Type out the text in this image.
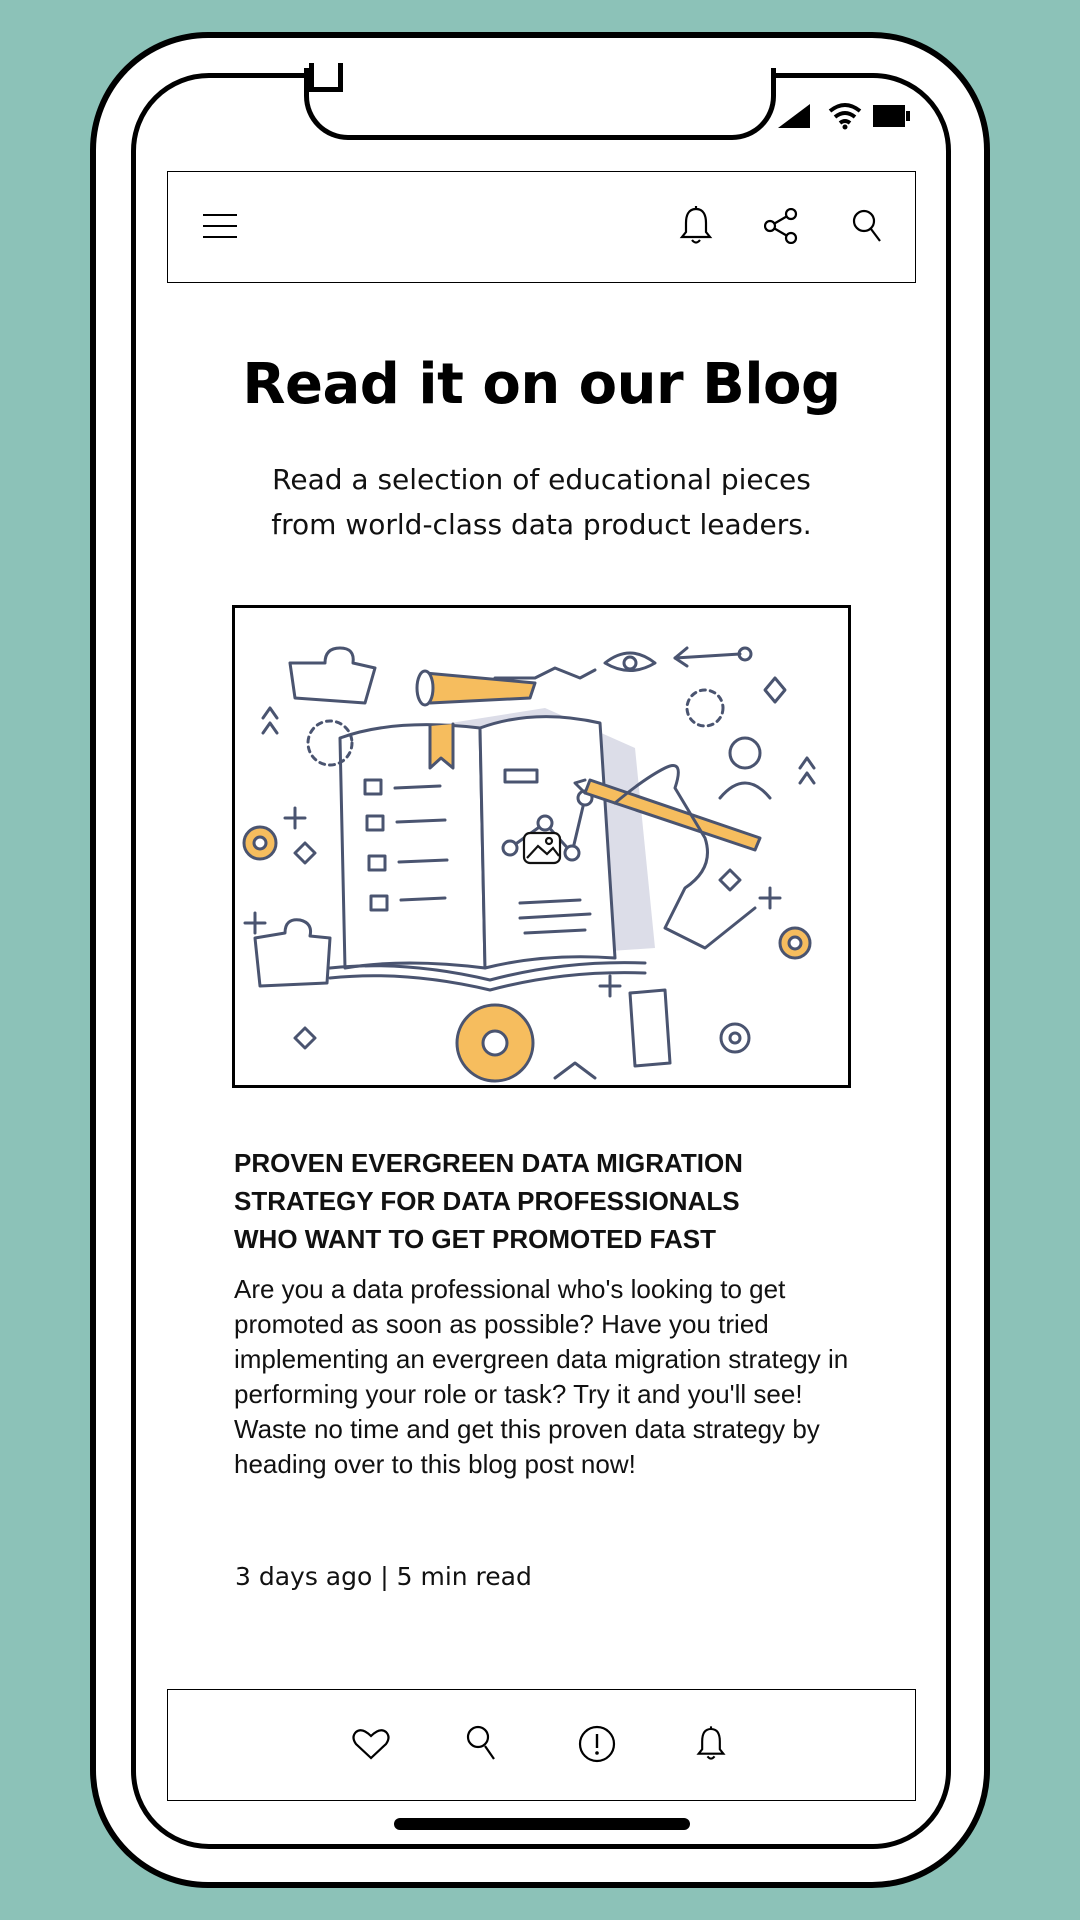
Read it on our Blog
Read a selection of educational pieces
from world-class data product leaders.
PROVEN EVERGREEN DATA MIGRATION
STRATEGY FOR DATA PROFESSIONALS
WHO WANT TO GET PROMOTED FAST
Are you a data professional who's looking to get promoted as soon as possible? Have you tried implementing an evergreen data migration strategy in performing your role or task? Try it and you'll see! Waste no time and get this proven data strategy by heading over to this blog post now!
3 days ago | 5 min read
